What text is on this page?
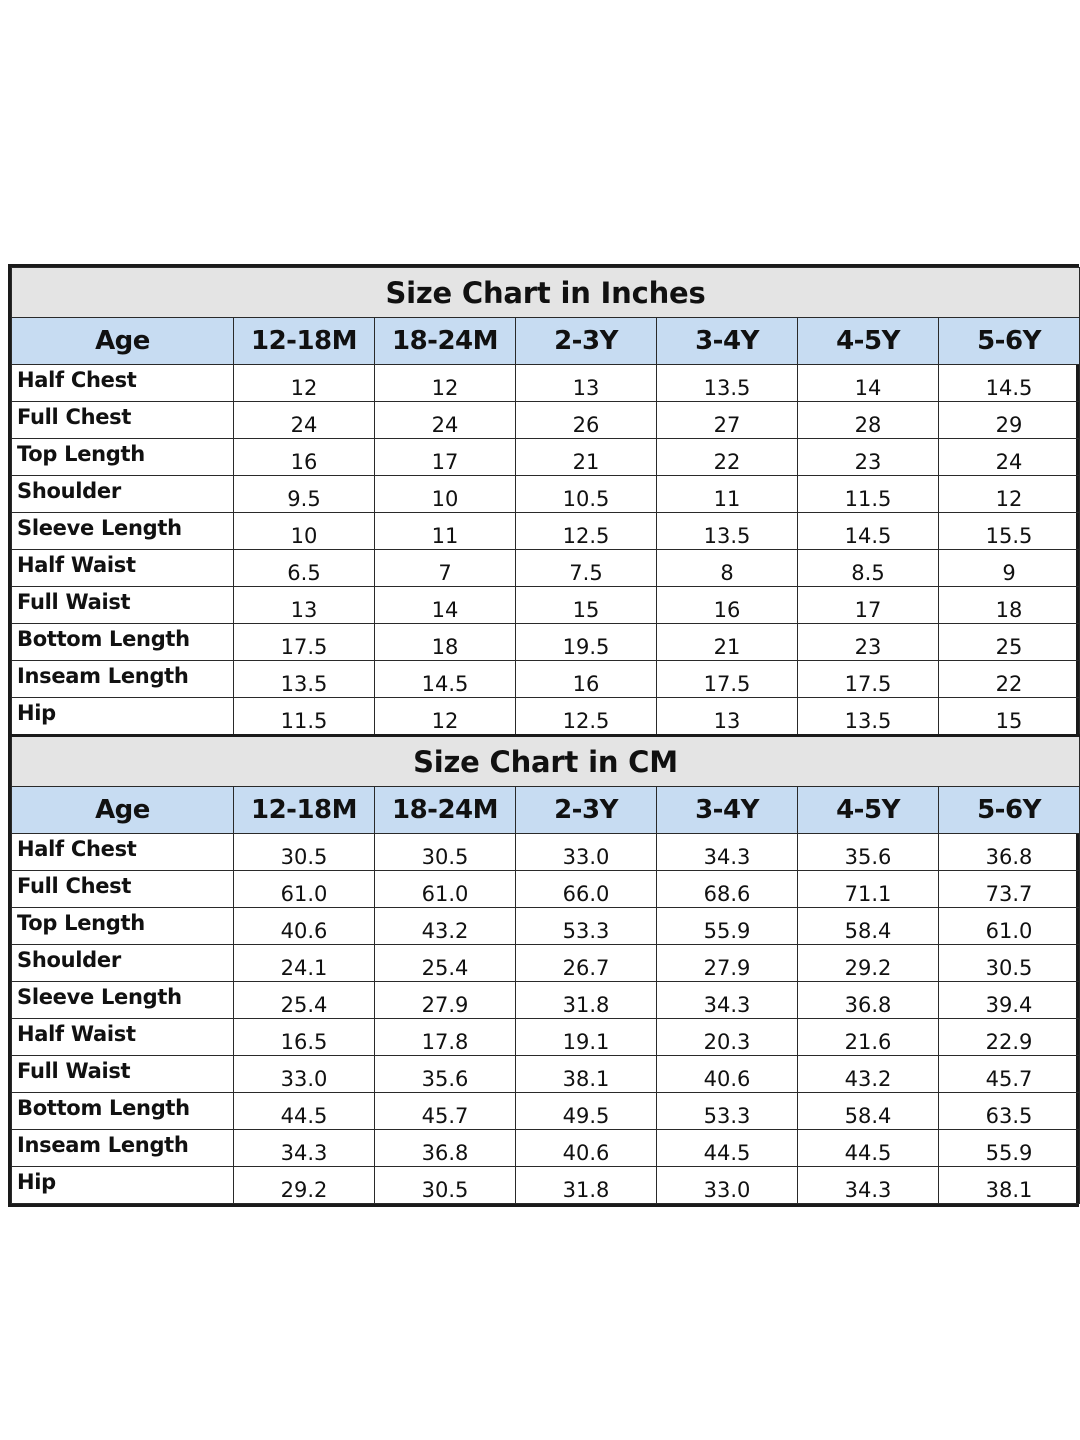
Size Chart in Inches						
Age	12-18M	18-24M	2-3Y	3-4Y	4-5Y	5-6Y
Half Chest	12	12	13	13.5	14	14.5
Full Chest	24	24	26	27	28	29
Top Length	16	17	21	22	23	24
Shoulder	9.5	10	10.5	11	11.5	12
Sleeve Length	10	11	12.5	13.5	14.5	15.5
Half Waist	6.5	7	7.5	8	8.5	9
Full Waist	13	14	15	16	17	18
Bottom Length	17.5	18	19.5	21	23	25
Inseam Length	13.5	14.5	16	17.5	17.5	22
Hip	11.5	12	12.5	13	13.5	15
Size Chart in CM						
Age	12-18M	18-24M	2-3Y	3-4Y	4-5Y	5-6Y
Half Chest	30.5	30.5	33.0	34.3	35.6	36.8
Full Chest	61.0	61.0	66.0	68.6	71.1	73.7
Top Length	40.6	43.2	53.3	55.9	58.4	61.0
Shoulder	24.1	25.4	26.7	27.9	29.2	30.5
Sleeve Length	25.4	27.9	31.8	34.3	36.8	39.4
Half Waist	16.5	17.8	19.1	20.3	21.6	22.9
Full Waist	33.0	35.6	38.1	40.6	43.2	45.7
Bottom Length	44.5	45.7	49.5	53.3	58.4	63.5
Inseam Length	34.3	36.8	40.6	44.5	44.5	55.9
Hip	29.2	30.5	31.8	33.0	34.3	38.1
